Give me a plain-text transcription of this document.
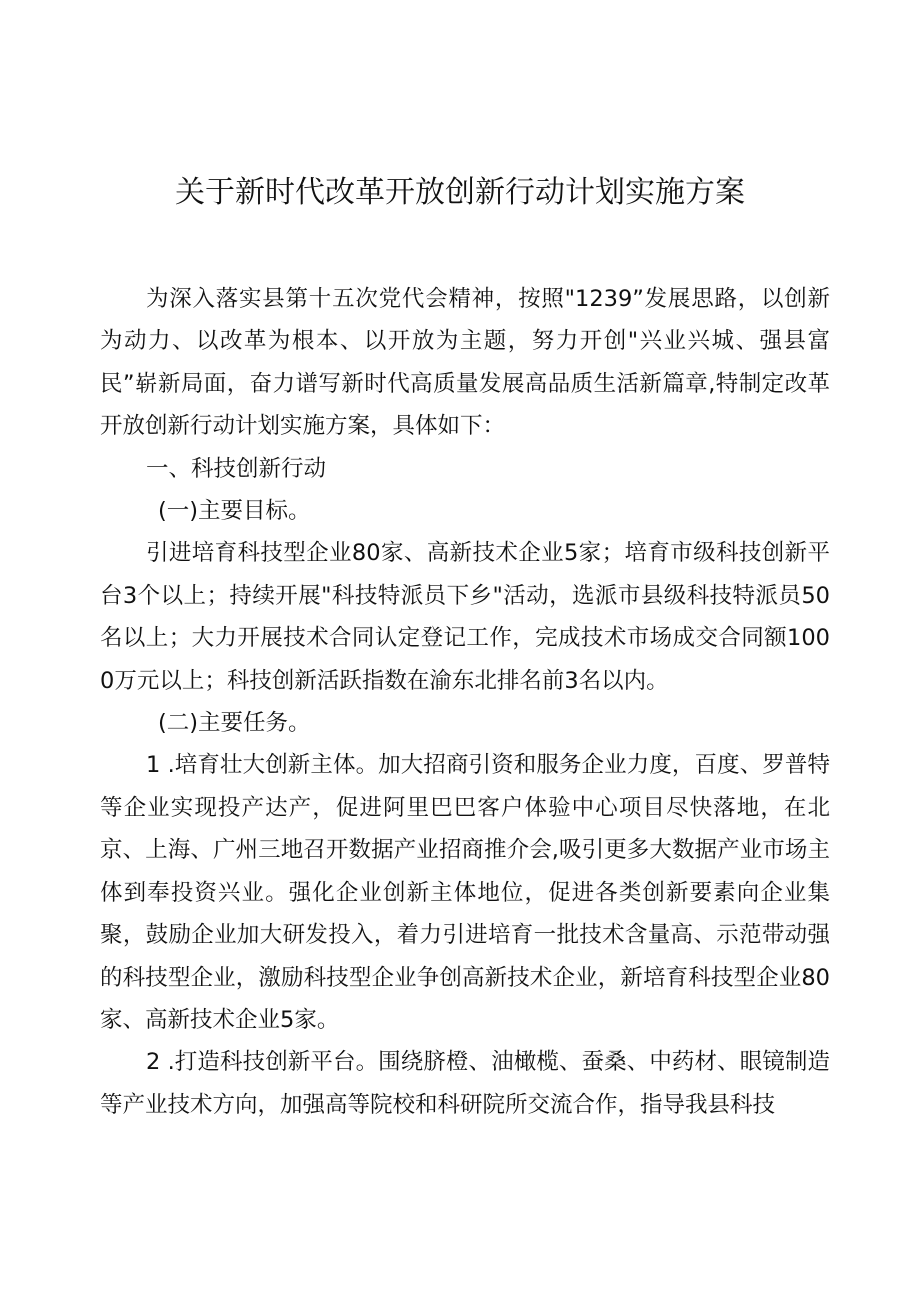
关于新时代改革开放创新行动计划实施方案

为深入落实县第十五次党代会精神，按照"1239”发展思路，以创新为动力、以改革为根本、以开放为主题，努力开创"兴业兴城、强县富民”崭新局面，奋力谱写新时代高质量发展高品质生活新篇章,特制定改革开放创新行动计划实施方案，具体如下：

一、科技创新行动

(一)主要目标。

引进培育科技型企业80家、高新技术企业5家；培育市级科技创新平台3个以上；持续开展"科技特派员下乡"活动，选派市县级科技特派员50名以上；大力开展技术合同认定登记工作，完成技术市场成交合同额1000万元以上；科技创新活跃指数在渝东北排名前3名以内。

(二)主要任务。

1 .培育壮大创新主体。加大招商引资和服务企业力度，百度、罗普特等企业实现投产达产，促进阿里巴巴客户体验中心项目尽快落地，在北京、上海、广州三地召开数据产业招商推介会,吸引更多大数据产业市场主体到奉投资兴业。强化企业创新主体地位，促进各类创新要素向企业集聚，鼓励企业加大研发投入，着力引进培育一批技术含量高、示范带动强的科技型企业，激励科技型企业争创高新技术企业，新培育科技型企业80家、高新技术企业5家。

2 .打造科技创新平台。围绕脐橙、油橄榄、蚕桑、中药材、眼镜制造等产业技术方向，加强高等院校和科研院所交流合作，指导我县科技
